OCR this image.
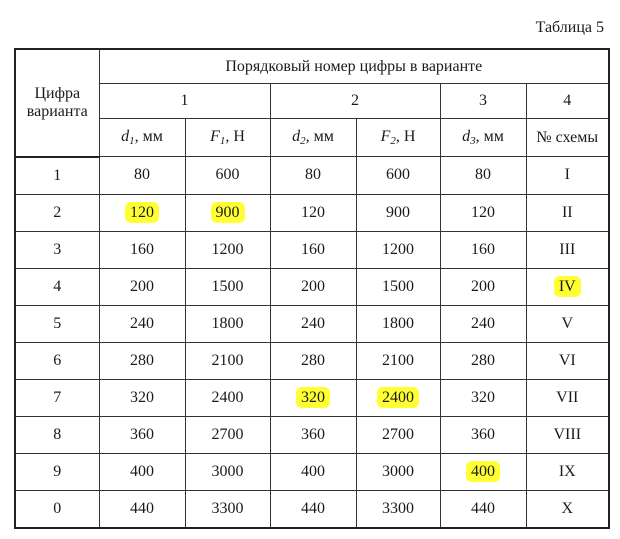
Таблица 5
Цифра варианта	Порядковый номер цифры в варианте					
	1		2		3	4
	$d_1$, мм	$F_1$, Н	$d_2$, мм	$F_2$, Н	$d_3$, мм	№ схемы
1	80	600	80	600	80	I
2	120	900	120	900	120	II
3	160	1200	160	1200	160	III
4	200	1500	200	1500	200	IV
5	240	1800	240	1800	240	V
6	280	2100	280	2100	280	VI
7	320	2400	320	2400	320	VII
8	360	2700	360	2700	360	VIII
9	400	3000	400	3000	400	IX
0	440	3300	440	3300	440	X
